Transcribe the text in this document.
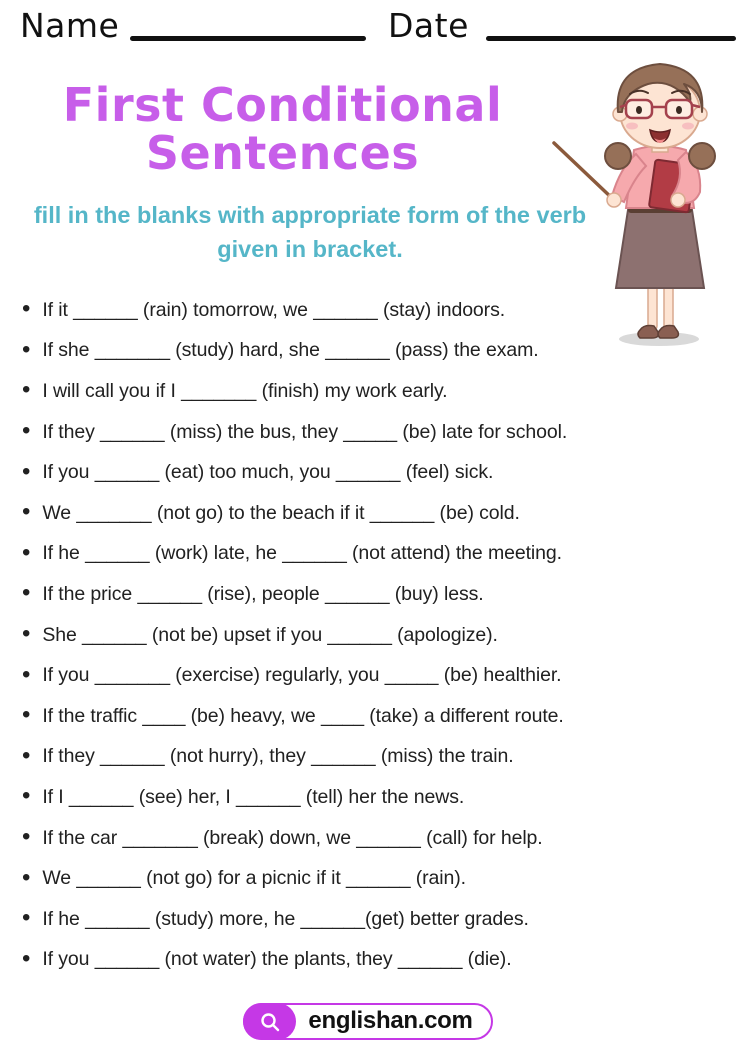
Name	Date
First Conditional
Sentences
fill in the blanks with appropriate form of the verb given in bracket.
• If it ______ (rain) tomorrow, we ______ (stay) indoors.
• If she _______ (study) hard, she ______ (pass) the exam.
• I will call you if I _______ (finish) my work early.
• If they ______ (miss) the bus, they _____ (be) late for school.
• If you ______ (eat) too much, you ______ (feel) sick.
• We _______ (not go) to the beach if it ______ (be) cold.
• If he ______ (work) late, he ______ (not attend) the meeting.
• If the price ______ (rise), people ______ (buy) less.
• She ______ (not be) upset if you ______ (apologize).
• If you _______ (exercise) regularly, you _____ (be) healthier.
• If the traffic ____ (be) heavy, we ____ (take) a different route.
• If they ______ (not hurry), they ______ (miss) the train.
• If I ______ (see) her, I ______ (tell) her the news.
• If the car _______ (break) down, we ______ (call) for help.
• We ______ (not go) for a picnic if it ______ (rain).
• If he ______ (study) more, he ______(get) better grades.
• If you ______ (not water) the plants, they ______ (die).
englishan.com
